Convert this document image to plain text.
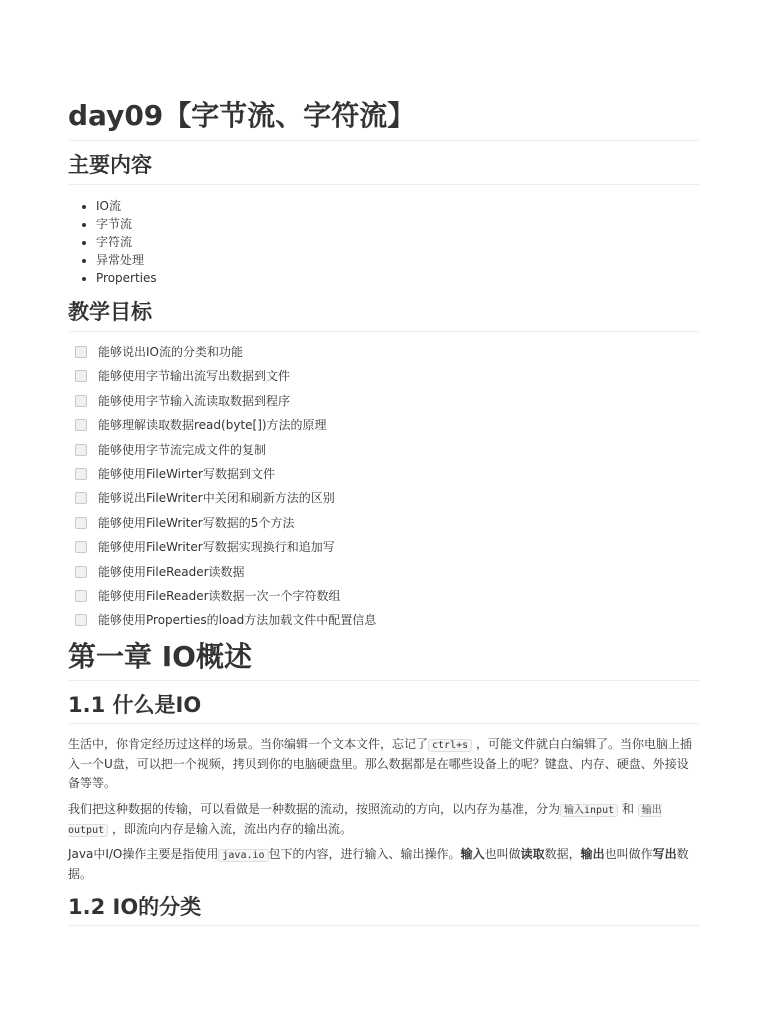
day09【字节流、字符流】
主要内容
• IO流
• 字节流
• 字符流
• 异常处理
• Properties
教学目标
能够说出IO流的分类和功能
能够使用字节输出流写出数据到文件
能够使用字节输入流读取数据到程序
能够理解读取数据read(byte[])方法的原理
能够使用字节流完成文件的复制
能够使用FileWirter写数据到文件
能够说出FileWriter中关闭和刷新方法的区别
能够使用FileWriter写数据的5个方法
能够使用FileWriter写数据实现换行和追加写
能够使用FileReader读数据
能够使用FileReader读数据一次一个字符数组
能够使用Properties的load方法加载文件中配置信息
第一章 IO概述
1.1 什么是IO

生活中，你肯定经历过这样的场景。当你编辑一个文本文件，忘记了 ctrl+s ，可能文件就白白编辑了。当你电脑上插入一个U盘，可以把一个视频，拷贝到你的电脑硬盘里。那么数据都是在哪些设备上的呢？键盘、内存、硬盘、外接设备等等。

我们把这种数据的传输，可以看做是一种数据的流动，按照流动的方向，以内存为基准，分为 输入input 和 输出output ，即流向内存是输入流，流出内存的输出流。

Java中I/O操作主要是指使用 java.io 包下的内容，进行输入、输出操作。输入也叫做读取数据，输出也叫做作写出数据。

1.2 IO的分类
